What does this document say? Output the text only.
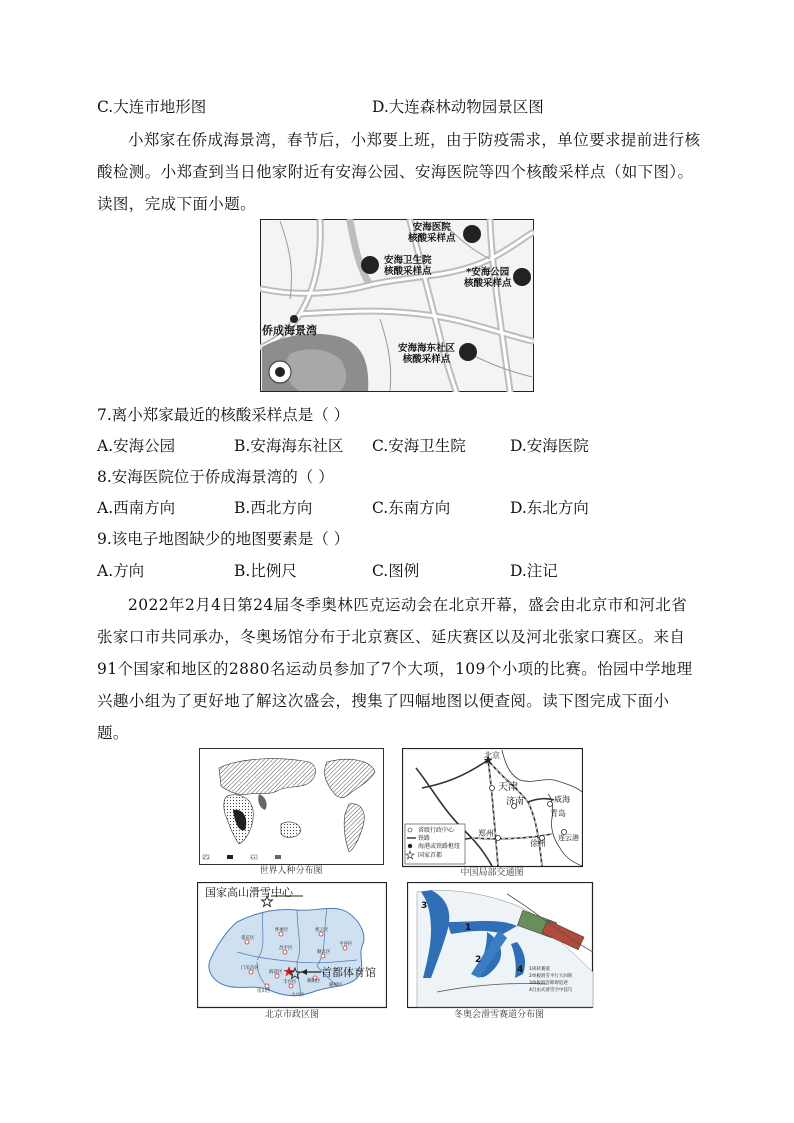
C.大连市地形图	D.大连森林动物园景区图
小郑家在侨成海景湾，春节后，小郑要上班，由于防疫需求，单位要求提前进行核酸检测。小郑查到当日他家附近有安海公园、安海医院等四个核酸采样点（如下图）。读图，完成下面小题。
安海医院
核酸采样点
安海卫生院
核酸采样点	*安海公园
核酸采样点
安海海东社区
核酸采样点
侨成海景湾
7.离小郑家最近的核酸采样点是（ ）
A.安海公园	B.安海海东社区 C.安海卫生院	D.安海医院
8.安海医院位于侨成海景湾的（ ）
A.西南方向	B.西北方向	C.东南方向	D.东北方向
9.该电子地图缺少的地图要素是（ ）
A.方向	B.比例尺	C.图例	D.注记
2022年2月4日第24届冬季奥林匹克运动会在北京开幕，盛会由北京市和河北省张家口市共同承办，冬奥场馆分布于北京赛区、延庆赛区以及河北张家口赛区。来自91个国家和地区的2880名运动员参加了7个大项，109个小项的比赛。怡园中学地理兴趣小组为了更好地了解这次盛会，搜集了四幅地图以便查阅。读下图完成下面小题。
世界人种分布图
北京
天津
济南	威海
青岛
郑州
徐州
连云港
省级行政中心
铁路
海港或铁路枢纽
国家首都
中国局部交通图
国家高山滑雪中心
首都体育馆
延庆区
怀柔区	密云区
昌平区
顺义区
平谷区
门头沟区
海淀区
朝阳区
丰台区
通州区
房山区
大兴区
北京市政区图
3
1
2
4 1回转赛道
2单板滑雪平行大回转
3单板滑雪障碍追逐
4自由式滑雪空中技巧
冬奥会滑雪赛道分布图
